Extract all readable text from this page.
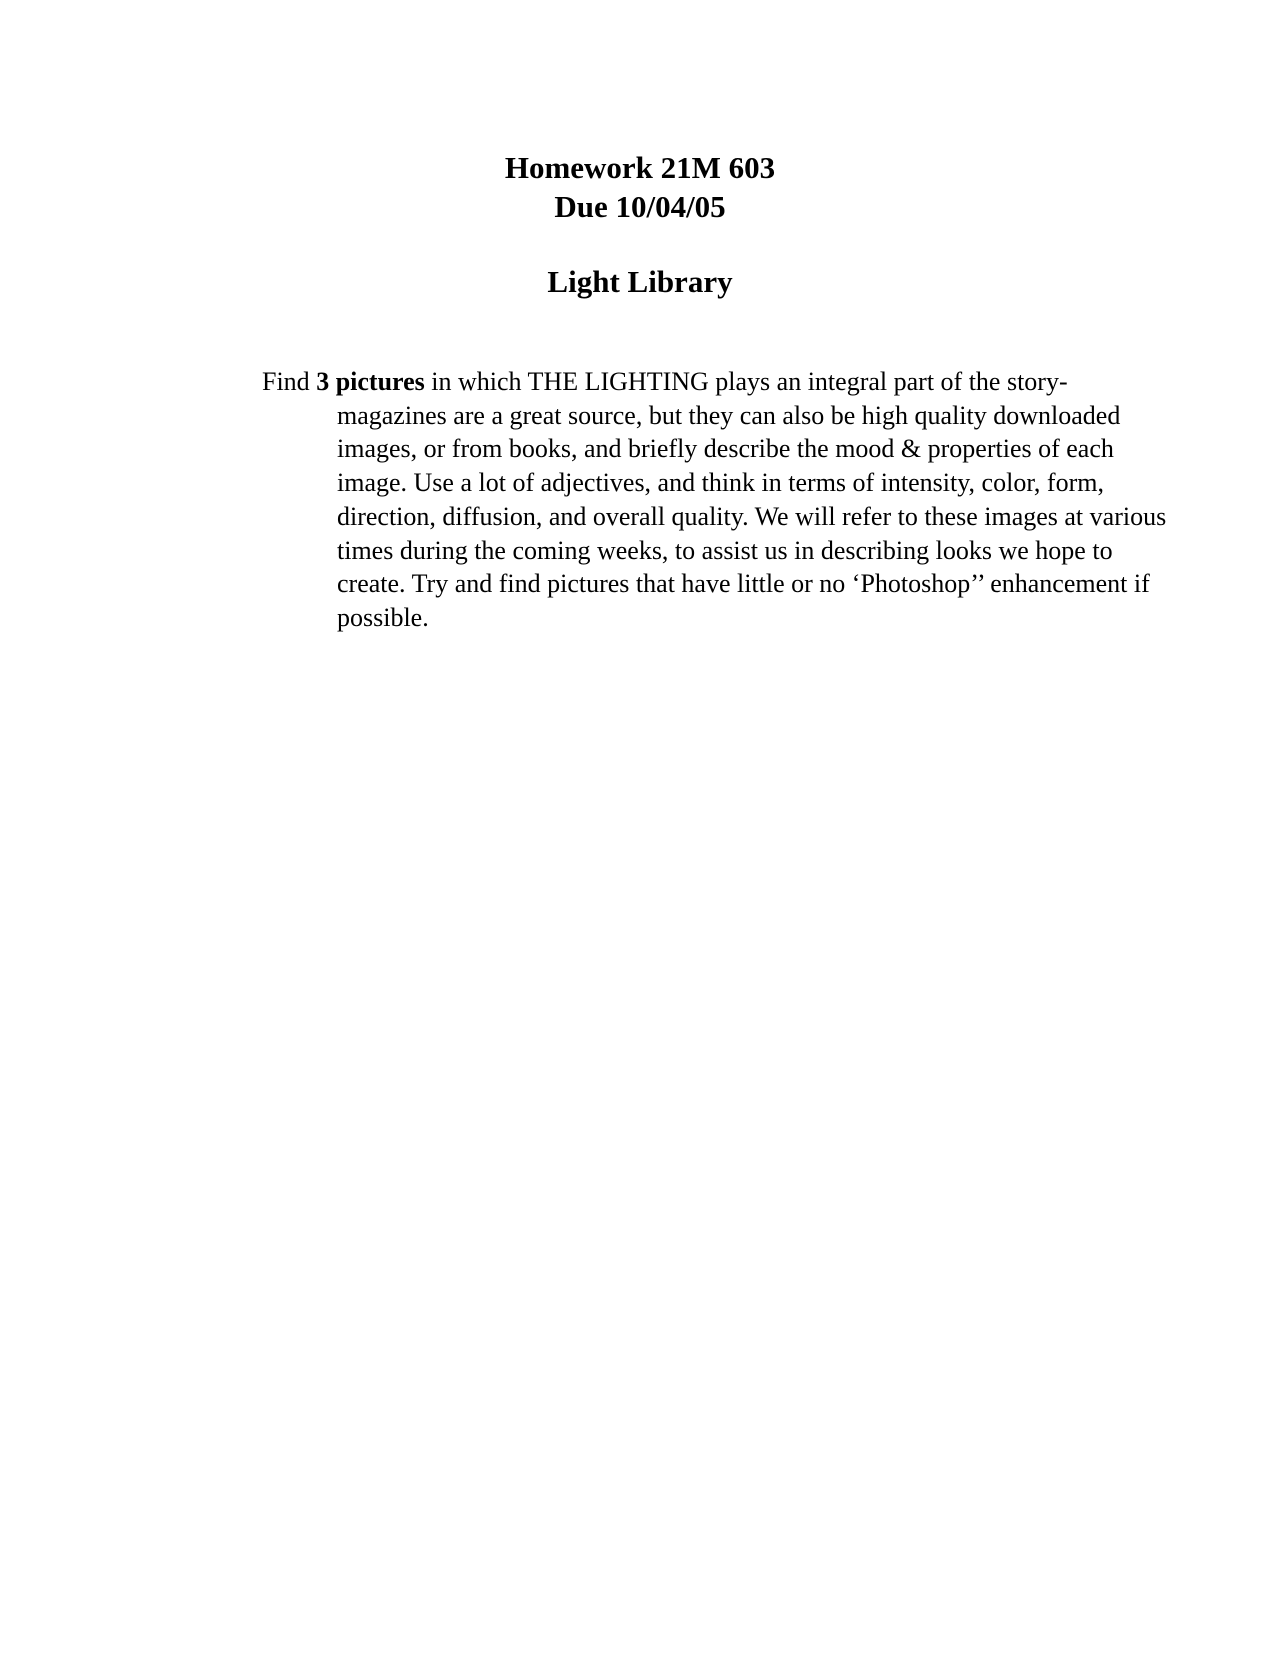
Homework 21M 603
Due 10/04/05
Light Library
Find 3 pictures in which THE LIGHTING plays an integral part of the story- magazines are a great source, but they can also be high quality downloaded images, or from books, and briefly describe the mood & properties of each image. Use a lot of adjectives, and think in terms of intensity, color, form, direction, diffusion, and overall quality. We will refer to these images at various times during the coming weeks, to assist us in describing looks we hope to create. Try and find pictures that have little or no ‘Photoshop’’ enhancement if possible.
